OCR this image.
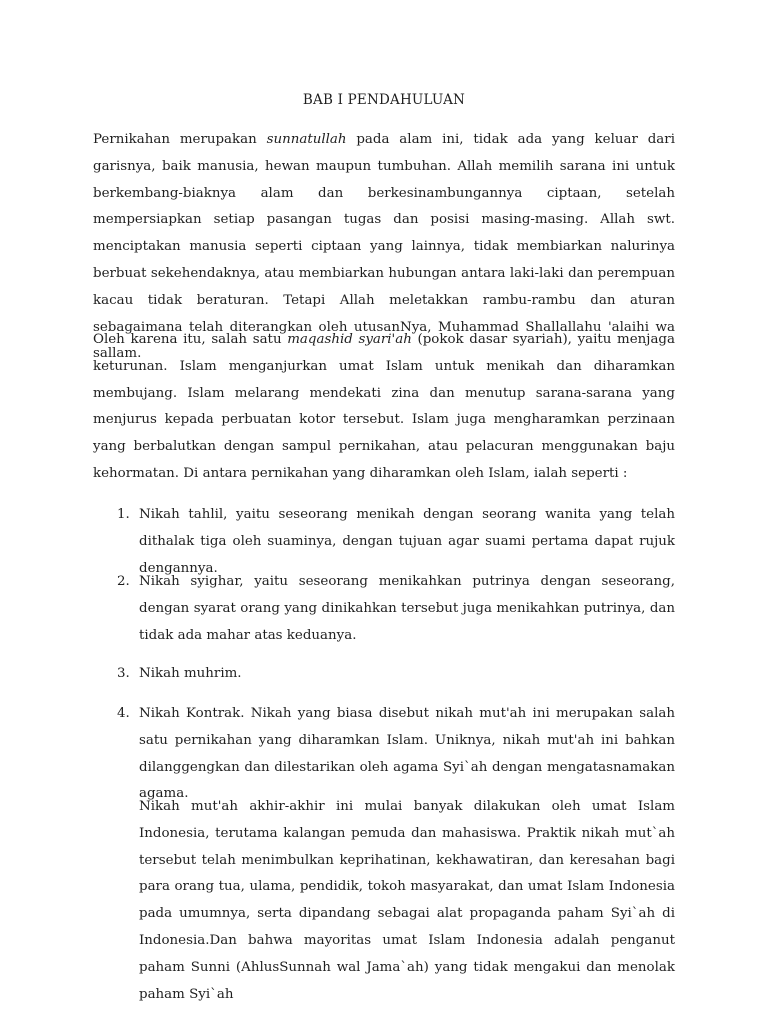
BAB I PENDAHULUAN

Pernikahan merupakan sunnatullah pada alam ini, tidak ada yang keluar dari garisnya, baik manusia, hewan maupun tumbuhan. Allah memilih sarana ini untuk berkembang-biaknya alam dan berkesinambungannya ciptaan, setelah mempersiapkan setiap pasangan tugas dan posisi masing-masing. Allah swt. menciptakan manusia seperti ciptaan yang lainnya, tidak membiarkan nalurinya berbuat sekehendaknya, atau membiarkan hubungan antara laki-laki dan perempuan kacau tidak beraturan. Tetapi Allah meletakkan rambu-rambu dan aturan sebagaimana telah diterangkan oleh utusanNya, Muhammad Shallallahu 'alaihi wa sallam.

Oleh karena itu, salah satu maqashid syari'ah (pokok dasar syariah), yaitu menjaga keturunan. Islam menganjurkan umat Islam untuk menikah dan diharamkan membujang. Islam melarang mendekati zina dan menutup sarana-sarana yang menjurus kepada perbuatan kotor tersebut. Islam juga mengharamkan perzinaan yang berbalutkan dengan sampul pernikahan, atau pelacuran menggunakan baju kehormatan. Di antara pernikahan yang diharamkan oleh Islam, ialah seperti :

1. Nikah tahlil, yaitu seseorang menikah dengan seorang wanita yang telah dithalak tiga oleh suaminya, dengan tujuan agar suami pertama dapat rujuk dengannya.
2. Nikah syighar, yaitu seseorang menikahkan putrinya dengan seseorang, dengan syarat orang yang dinikahkan tersebut juga menikahkan putrinya, dan tidak ada mahar atas keduanya.
3. Nikah muhrim.
4. Nikah Kontrak. Nikah yang biasa disebut nikah mut'ah ini merupakan salah satu pernikahan yang diharamkan Islam. Uniknya, nikah mut'ah ini bahkan dilanggengkan dan dilestarikan oleh agama Syi`ah dengan mengatasnamakan agama.

Nikah mut'ah akhir-akhir ini mulai banyak dilakukan oleh umat Islam Indonesia, terutama kalangan pemuda dan mahasiswa. Praktik nikah mut`ah tersebut telah menimbulkan keprihatinan, kekhawatiran, dan keresahan bagi para orang tua, ulama, pendidik, tokoh masyarakat, dan umat Islam Indonesia pada umumnya, serta dipandang sebagai alat propaganda paham Syi`ah di Indonesia.Dan bahwa mayoritas umat Islam Indonesia adalah penganut paham Sunni (AhlusSunnah wal Jama`ah) yang tidak mengakui dan menolak paham Syi`ah
